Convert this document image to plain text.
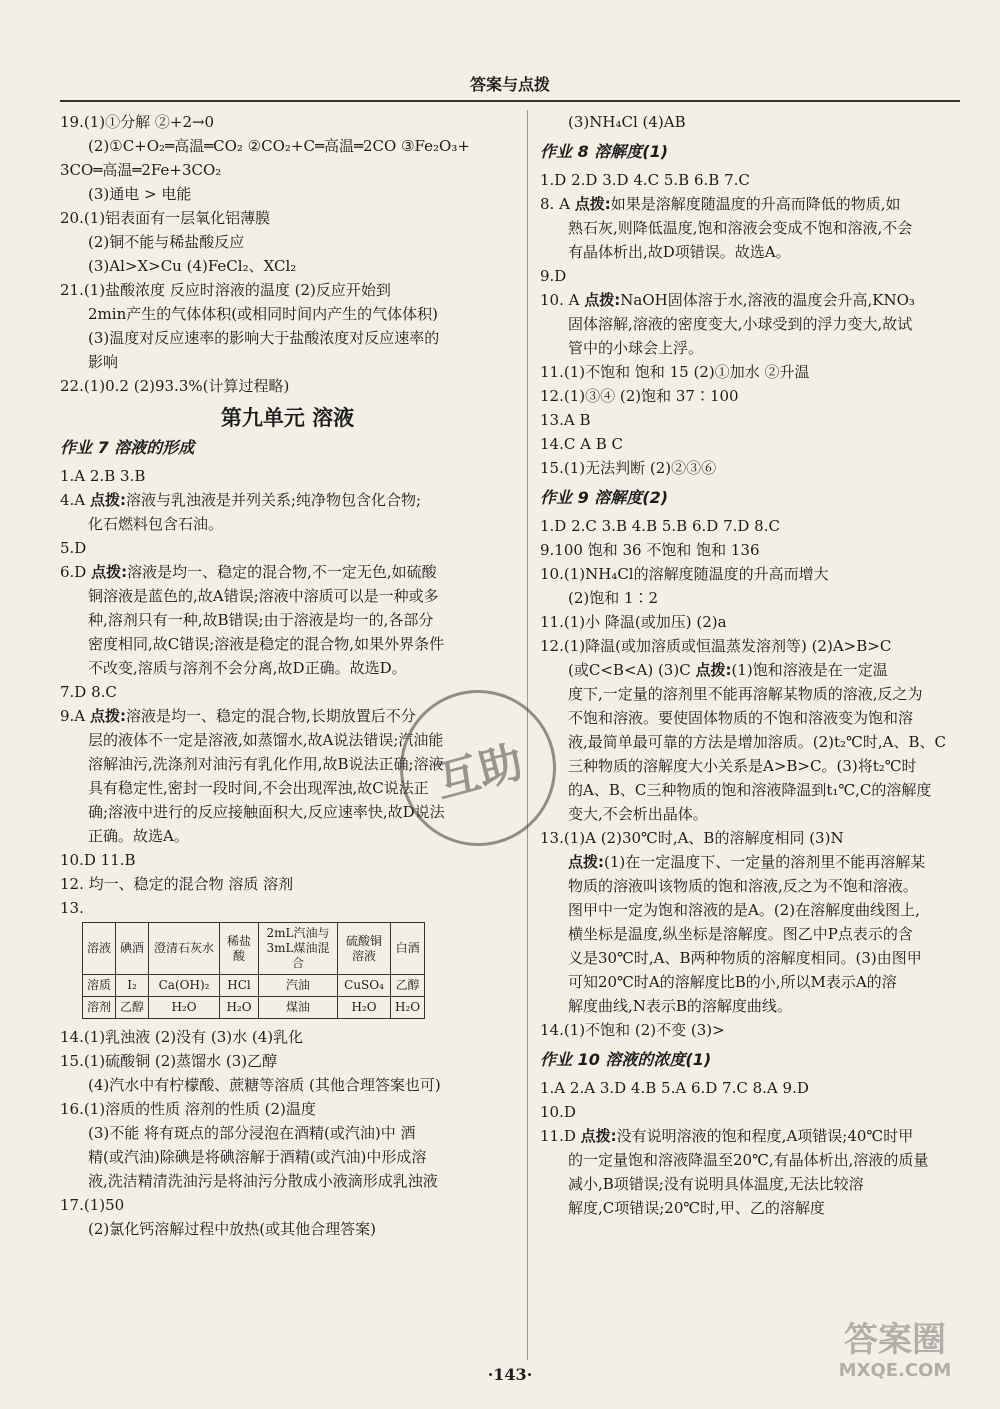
答案与点拨
19.(1)①分解 ②+2→0
(2)①C+O₂═高温═CO₂ ②CO₂+C═高温═2CO ③Fe₂O₃+
3CO═高温═2Fe+3CO₂
(3)通电 > 电能
20.(1)铝表面有一层氧化铝薄膜
(2)铜不能与稀盐酸反应
(3)Al>X>Cu (4)FeCl₂、XCl₂
21.(1)盐酸浓度 反应时溶液的温度 (2)反应开始到
2min产生的气体体积(或相同时间内产生的气体体积)
(3)温度对反应速率的影响大于盐酸浓度对反应速率的
影响
22.(1)0.2 (2)93.3%(计算过程略)
第九单元 溶液
作业 7 溶液的形成
1.A 2.B 3.B
4.A 点拨:溶液与乳浊液是并列关系;纯净物包含化合物;
化石燃料包含石油。
5.D
6.D 点拨:溶液是均一、稳定的混合物,不一定无色,如硫酸
铜溶液是蓝色的,故A错误;溶液中溶质可以是一种或多
种,溶剂只有一种,故B错误;由于溶液是均一的,各部分
密度相同,故C错误;溶液是稳定的混合物,如果外界条件
不改变,溶质与溶剂不会分离,故D正确。故选D。
7.D 8.C
9.A 点拨:溶液是均一、稳定的混合物,长期放置后不分
层的液体不一定是溶液,如蒸馏水,故A说法错误;汽油能
溶解油污,洗涤剂对油污有乳化作用,故B说法正确;溶液
具有稳定性,密封一段时间,不会出现浑浊,故C说法正
确;溶液中进行的反应接触面积大,反应速率快,故D说法
正确。故选A。
10.D 11.B
12. 均一、稳定的混合物 溶质 溶剂
13.
溶液	碘酒	澄清石灰水	稀盐酸	2mL汽油与3mL煤油混合	硫酸铜溶液	白酒
溶质	I₂	Ca(OH)₂	HCl	汽油	CuSO₄	乙醇
溶剂	乙醇	H₂O	H₂O	煤油	H₂O	H₂O
14.(1)乳浊液 (2)没有 (3)水 (4)乳化
15.(1)硫酸铜 (2)蒸馏水 (3)乙醇
(4)汽水中有柠檬酸、蔗糖等溶质 (其他合理答案也可)
16.(1)溶质的性质 溶剂的性质 (2)温度
(3)不能 将有斑点的部分浸泡在酒精(或汽油)中 酒
精(或汽油)除碘是将碘溶解于酒精(或汽油)中形成溶
液,洗洁精清洗油污是将油污分散成小液滴形成乳浊液
17.(1)50
(2)氯化钙溶解过程中放热(或其他合理答案)
(3)NH₄Cl (4)AB
作业 8 溶解度(1)
1.D 2.D 3.D 4.C 5.B 6.B 7.C
8. A 点拨:如果是溶解度随温度的升高而降低的物质,如
熟石灰,则降低温度,饱和溶液会变成不饱和溶液,不会
有晶体析出,故D项错误。故选A。
9.D
10. A 点拨:NaOH固体溶于水,溶液的温度会升高,KNO₃
固体溶解,溶液的密度变大,小球受到的浮力变大,故试
管中的小球会上浮。
11.(1)不饱和 饱和 15 (2)①加水 ②升温
12.(1)③④ (2)饱和 37∶100
13.A B
14.C A B C
15.(1)无法判断 (2)②③⑥
作业 9 溶解度(2)
1.D 2.C 3.B 4.B 5.B 6.D 7.D 8.C
9.100 饱和 36 不饱和 饱和 136
10.(1)NH₄Cl的溶解度随温度的升高而增大
(2)饱和 1∶2
11.(1)小 降温(或加压) (2)a
12.(1)降温(或加溶质或恒温蒸发溶剂等) (2)A>B>C
(或C<B<A) (3)C 点拨:(1)饱和溶液是在一定温
度下,一定量的溶剂里不能再溶解某物质的溶液,反之为
不饱和溶液。要使固体物质的不饱和溶液变为饱和溶
液,最简单最可靠的方法是增加溶质。(2)t₂℃时,A、B、C
三种物质的溶解度大小关系是A>B>C。(3)将t₂℃时
的A、B、C三种物质的饱和溶液降温到t₁℃,C的溶解度
变大,不会析出晶体。
13.(1)A (2)30℃时,A、B的溶解度相同 (3)N
点拨:(1)在一定温度下、一定量的溶剂里不能再溶解某
物质的溶液叫该物质的饱和溶液,反之为不饱和溶液。
图甲中一定为饱和溶液的是A。(2)在溶解度曲线图上,
横坐标是温度,纵坐标是溶解度。图乙中P点表示的含
义是30℃时,A、B两种物质的溶解度相同。(3)由图甲
可知20℃时A的溶解度比B的小,所以M表示A的溶
解度曲线,N表示B的溶解度曲线。
14.(1)不饱和 (2)不变 (3)>
作业 10 溶液的浓度(1)
1.A 2.A 3.D 4.B 5.A 6.D 7.C 8.A 9.D
10.D
11.D 点拨:没有说明溶液的饱和程度,A项错误;40℃时甲
的一定量饱和溶液降温至20℃,有晶体析出,溶液的质量
减小,B项错误;没有说明具体温度,无法比较溶
解度,C项错误;20℃时,甲、乙的溶解度
·143·
互助
答案圈
MXQE.COM
